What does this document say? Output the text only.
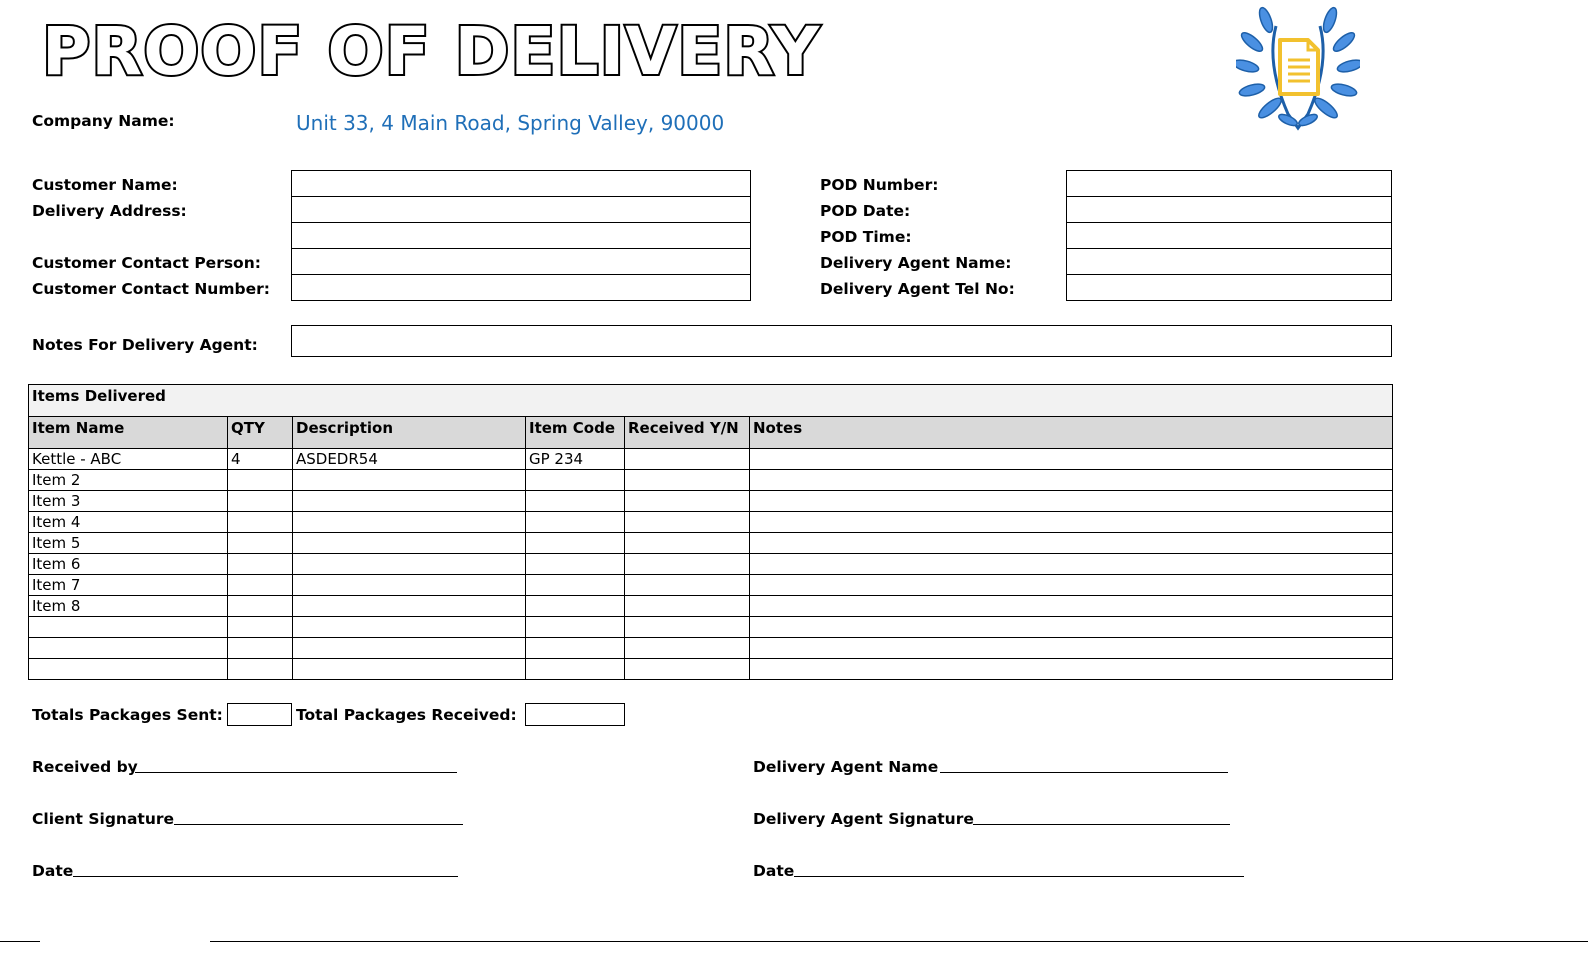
PROOF OF DELIVERY
Company Name:	Unit 33, 4 Main Road, Spring Valley, 90000
Customer Name:
Delivery Address:
Customer Contact Person:
Customer Contact Number:
POD Number:
POD Date:
POD Time:
Delivery Agent Name:
Delivery Agent Tel No:
Notes For Delivery Agent:
Items Delivered					
Item Name	QTY	Description	Item Code	Received Y/N	Notes
Kettle - ABC	4	ASDEDR54	GP 234		
Item 2					
Item 3					
Item 4					
Item 5					
Item 6					
Item 7					
Item 8					

Totals Packages Sent:	Total Packages Received:
Received by
Client Signature
Date
Delivery Agent Name
Delivery Agent Signature
Date
